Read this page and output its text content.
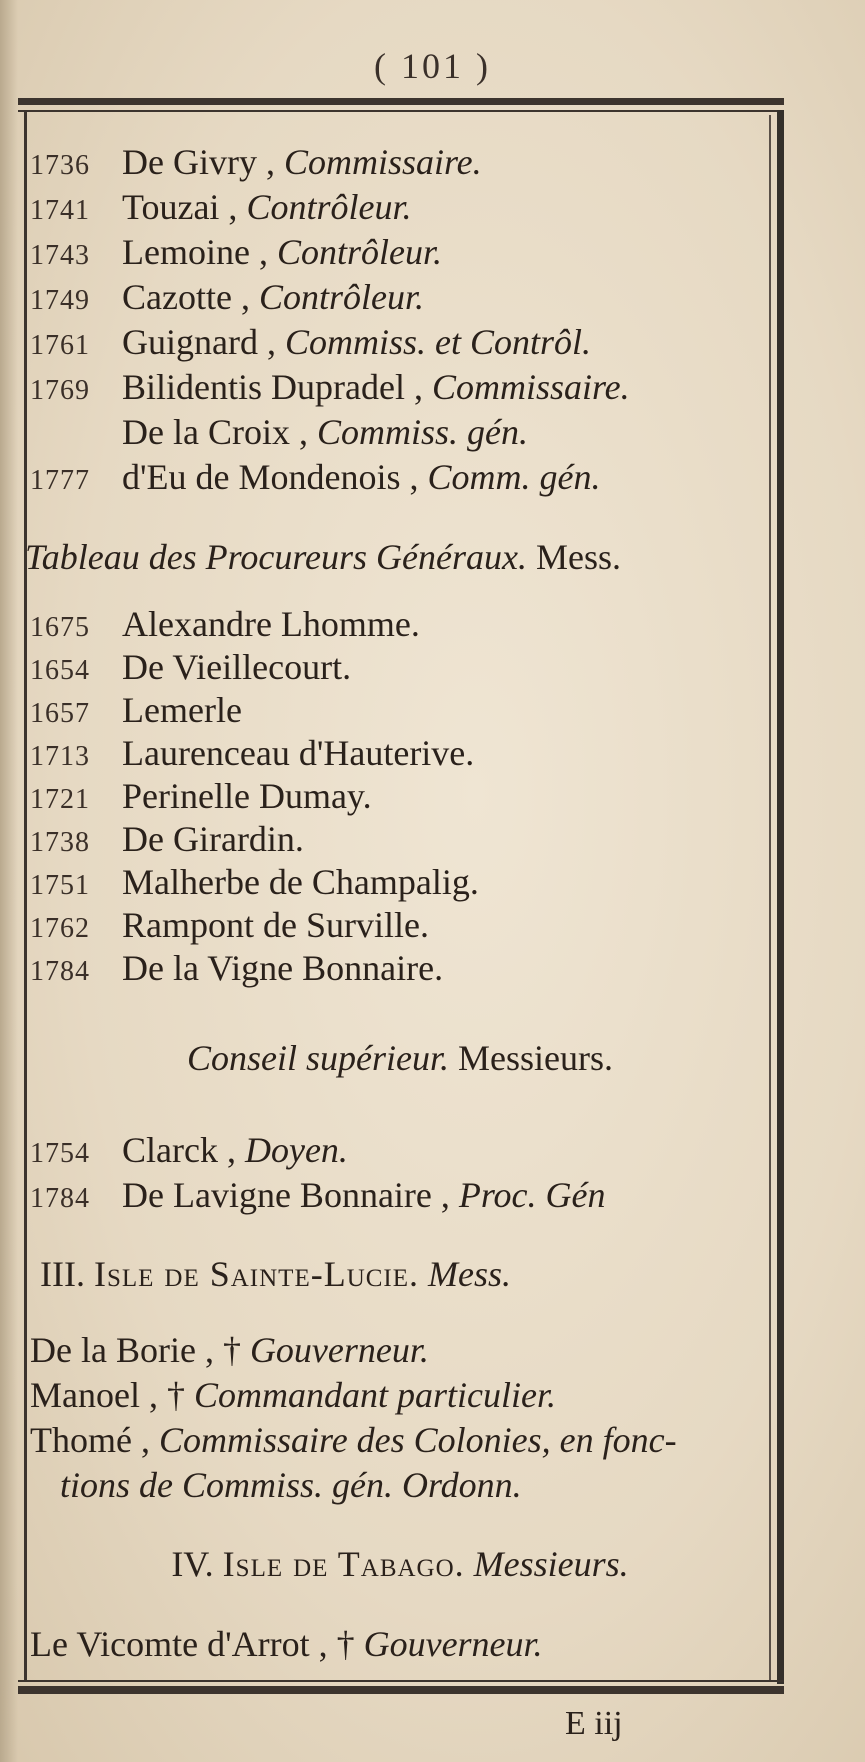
( 101 )
1736 De Givry , Commissaire.
1741 Touzai , Contrôleur.
1743 Lemoine , Contrôleur.
1749 Cazotte , Contrôleur.
1761 Guignard , Commiss. et Contrôl.
1769 Bilidentis Dupradel , Commissaire.
De la Croix , Commiss. gén.
1777 d'Eu de Mondenois , Comm. gén.
Tableau des Procureurs Généraux. Mess.
1675 Alexandre Lhomme.
1654 De Vieillecourt.
1657 Lemerle
1713 Laurenceau d'Hauterive.
1721 Perinelle Dumay.
1738 De Girardin.
1751 Malherbe de Champalig.
1762 Rampont de Surville.
1784 De la Vigne Bonnaire.
Conseil supérieur. Messieurs.
1754 Clarck , Doyen.
1784 De Lavigne Bonnaire , Proc. Gén
III. Isle de Sainte-Lucie. Mess.
De la Borie , † Gouverneur.
Manoel , † Commandant particulier.
Thomé , Commissaire des Colonies, en fonc-
tions de Commiss. gén. Ordonn.
IV. Isle de Tabago. Messieurs.
Le Vicomte d'Arrot , † Gouverneur.
E iij
